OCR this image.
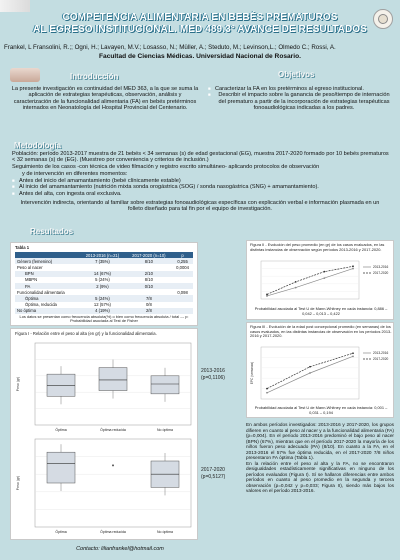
COMPETENCIA ALIMENTARIA EN BEBÉS PREMATUROS
AL EGRESO INSTITUCIONAL. MED 489.3° AVANCE DE RESULTADOS
Frankel, L Fransolini, R.;; Ogni, H.; Lavayen, M.V.; Losasso, N.; Müller, A.; Steduto, M.; Levinson,L.; Olmedo C.; Rossi, A.
Facultad de Ciencias Médicas. Universidad Nacional de Rosario.
Introducción
La presente investigación es continuidad del MED 363, a la que se suma la aplicación de estrategias terapéuticas, observación, análisis y caracterización de la funcionalidad alimentaria (FA) en bebés pretérminos internados en Neonatología del Hospital Provincial del Centenario.
Objetivos
■ Caracterizar la FA en los pretérminos al egreso institucional.
■ Describir el impacto sobre la ganancia de peso/tiempo de internación del prematuro a partir de la incorporación de estrategias terapéuticas fonoaudiológicas indicadas a los padres.
Metodología
Población: período 2013-2017 muestra de 21 bebés < 34 semanas (s) de edad gestacional (EG), muestra 2017-2020 formado por 10 bebés prematuros < 32 semanas (s) de (EG). (Muestreo por conveniencia y criterios de inclusión.)
Seguimiento de los casos -con técnica de video filmación y registro escrito simultáneo- aplicando protocolos de observación
y de intervención en diferentes momentos:
■ Antes del inicio del amamantamiento (bebé clínicamente estable)
■ Al inicio del amamantamiento (nutrición mixta sonda orogástrica (SOG) / sonda nasogástrica (SNG) + amamantamiento).
■ Antes del alta, con ingesta oral exclusiva.
Intervención indirecta, orientando al familiar sobre estrategias fonoaudiológicas específicas con explicación verbal e información plasmada en un folleto diseñado para tal fin por el equipo de investigación.
Resultados
Tabla 1
	2013-2016 (n=21)	2017-2020 (n=10)	p
Género (femenino)	7 (35%)	8/10	0,255
Peso al nacer			0,0004
BPN	14 (67%)	2/10	
MBPN	5 (24%)	8/10	
PA	2 (9%)	0/10	
Funcionalidad alimentaria			0,098
Óptima	5 (24%)	7/8	
Óptima, reducida	12 (57%)	0/8	
No óptima	4 (19%)	2/8	
Los datos se presentan como frecuencia absoluta(%) o bien como frecuencia absoluta / total --- p: Probabilidad asociada al Test de Fisher
Figura I - Relación entre el peso al alta (en gr) y la funcionalidad alimentaria.
Peso (gr)
Óptima	Óptima reducida	No óptima
Peso (gr)
Óptima	Óptima reducida	No óptima
2013-2016
(p=0,1106)
2017-2020
(p=0,5127)
Figura II - Evolución del peso promedio (en gr) de los casos evaluados, en las distintas instancias de observación según períodos 2013-2016 y 2017-2020.
2013-2016
2017-2020
Probabilidad asociada al Test U de Mann-Whitney en cada instancia: 0,886 – 0,042 – 0,013 – 0,422
Figura III - Evolución de la edad post concepcional promedio (en semanas) de los casos evaluados, en las distintas instancias de observación en los períodos 2013-2016 y 2017-2020.
EPC (semanas)
2013-2016
2017-2020
Probabilidad asociada al Test U de Mann-Whitney en cada instancia: 0,001 – 0,031 – 0,194
En ambos períodos investigados: 2013-2016 y 2017-2020, los grupos difieren en cuanto al peso al nacer y a la funcionalidad alimentaria (FA) (p=0,004). En el período 2013-2016 predominó el bajo peso al nacer (BPN) (67%), mientras que en el período 2017-2020 la mayoría de los niños fueron peso adecuado (PA) (8/10). En cuanto a la FA, en el 2013-2016 el 57% fue óptima reducida, en el 2017-2020 7/8 niños presentaron FA óptima (Tabla 1).
En la relación entre el peso al alta y la FA, no se encontraron desigualdades estadísticamente significativas en ninguno de los períodos evaluados (Figura I). Sí se hallaron diferencias entre ambos períodos en cuanto al peso promedio en la segunda y tercera observación (p=0,042 y p=0,033; Figura II), siendo más bajos los valores en el período 2013-2016.
Contacto: lilianfrankel@hotmail.com
